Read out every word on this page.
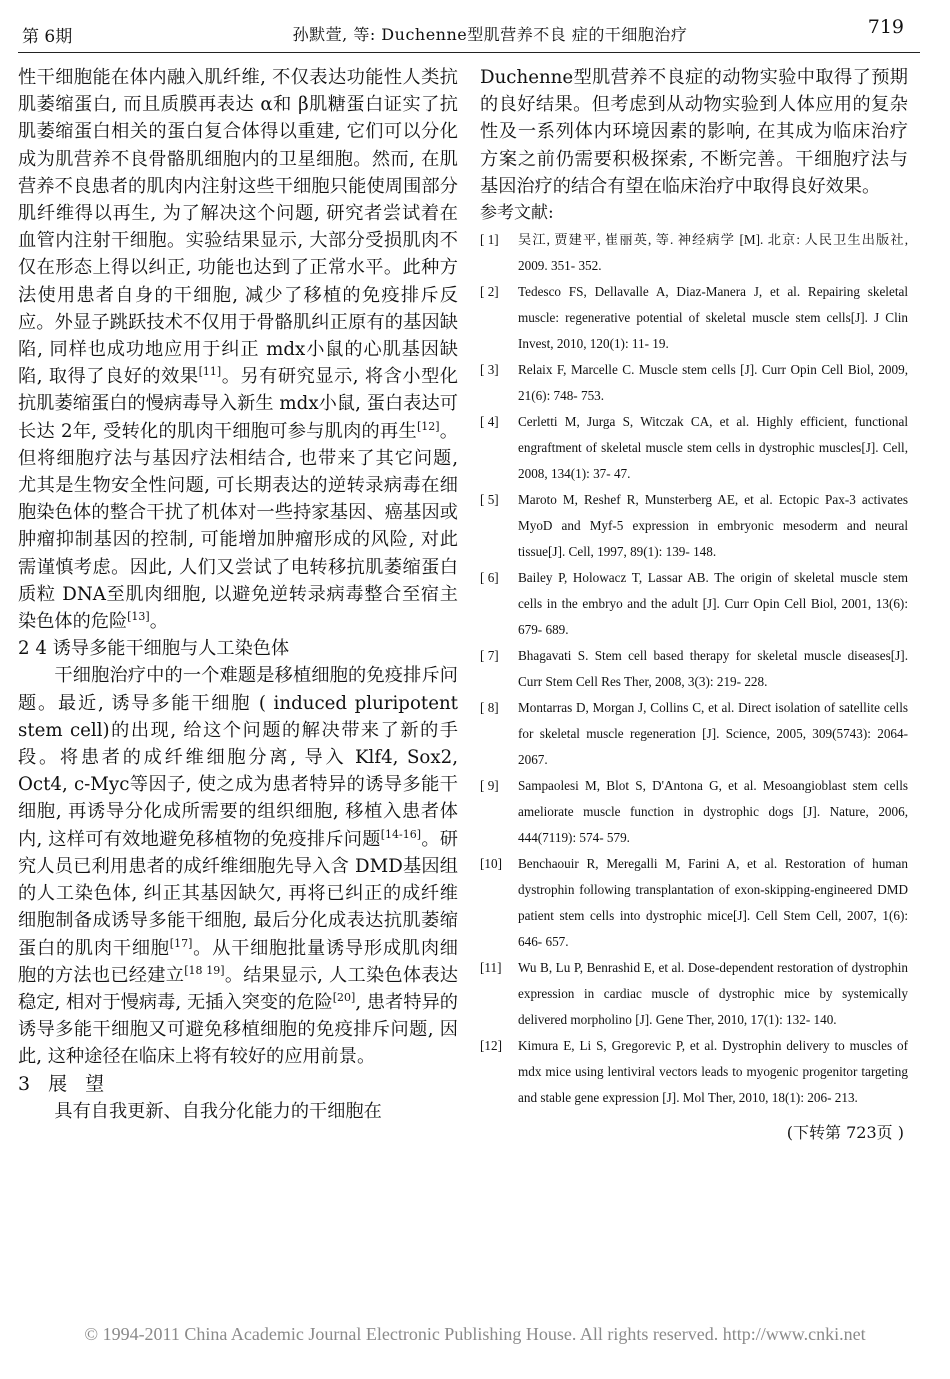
第 6期	孙默萱, 等: Duchenne型肌营养不良 症的干细胞治疗	719

性干细胞能在体内融入肌纤维, 不仅表达功能性人类抗肌萎缩蛋白, 而且质膜再表达 α和 β肌糖蛋白证实了抗肌萎缩蛋白相关的蛋白复合体得以重建, 它们可以分化成为肌营养不良骨骼肌细胞内的卫星细胞。然而, 在肌营养不良患者的肌肉内注射这些干细胞只能使周围部分肌纤维得以再生, 为了解决这个问题, 研究者尝试着在血管内注射干细胞。实验结果显示, 大部分受损肌肉不仅在形态上得以纠正, 功能也达到了正常水平。此种方法使用患者自身的干细胞, 减少了移植的免疫排斥反应。外显子跳跃技术不仅用于骨骼肌纠正原有的基因缺陷, 同样也成功地应用于纠正 mdx小鼠的心肌基因缺陷, 取得了良好的效果[11]。另有研究显示, 将含小型化抗肌萎缩蛋白的慢病毒导入新生 mdx小鼠, 蛋白表达可长达 2年, 受转化的肌肉干细胞可参与肌肉的再生[12]。但将细胞疗法与基因疗法相结合, 也带来了其它问题, 尤其是生物安全性问题, 可长期表达的逆转录病毒在细胞染色体的整合干扰了机体对一些持家基因、癌基因或肿瘤抑制基因的控制, 可能增加肿瘤形成的风险, 对此需谨慎考虑。因此, 人们又尝试了电转移抗肌萎缩蛋白质粒 DNA至肌肉细胞, 以避免逆转录病毒整合至宿主染色体的危险[13]。

2 4 诱导多能干细胞与人工染色体

干细胞治疗中的一个难题是移植细胞的免疫排斥问题。最近, 诱导多能干细胞 ( induced pluripotent stem cell)的出现, 给这个问题的解决带来了新的手段。将患者的成纤维细胞分离, 导入 Klf4, Sox2, Oct4, c-Myc等因子, 使之成为患者特异的诱导多能干细胞, 再诱导分化成所需要的组织细胞, 移植入患者体内, 这样可有效地避免移植物的免疫排斥问题[14-16]。研究人员已利用患者的成纤维细胞先导入含 DMD基因组的人工染色体, 纠正其基因缺欠, 再将已纠正的成纤维细胞制备成诱导多能干细胞, 最后分化成表达抗肌萎缩蛋白的肌肉干细胞[17]。从干细胞批量诱导形成肌肉细胞的方法也已经建立[18 19]。结果显示, 人工染色体表达稳定, 相对于慢病毒, 无插入突变的危险[20], 患者特异的诱导多能干细胞又可避免移植细胞的免疫排斥问题, 因此, 这种途径在临床上将有较好的应用前景。

3 展 望

具有自我更新、自我分化能力的干细胞在

Duchenne型肌营养不良症的动物实验中取得了预期的良好结果。但考虑到从动物实验到人体应用的复杂性及一系列体内环境因素的影响, 在其成为临床治疗方案之前仍需要积极探索, 不断完善。干细胞疗法与基因治疗的结合有望在临床治疗中取得良好效果。

参考文献:

[ 1]	吴江, 贾建平, 崔丽英, 等. 神经病学 [M]. 北京: 人民卫生出版社, 2009. 351- 352.
[ 2]	Tedesco FS, Dellavalle A, Diaz-Manera J, et al. Repairing skeletal muscle: regenerative potential of skeletal muscle stem cells[J]. J Clin Invest, 2010, 120(1): 11- 19.
[ 3]	Relaix F, Marcelle C. Muscle stem cells [J]. Curr Opin Cell Biol, 2009, 21(6): 748- 753.
[ 4]	Cerletti M, Jurga S, Witczak CA, et al. Highly efficient, functional engraftment of skeletal muscle stem cells in dystrophic muscles[J]. Cell, 2008, 134(1): 37- 47.
[ 5]	Maroto M, Reshef R, Munsterberg AE, et al. Ectopic Pax-3 activates MyoD and Myf-5 expression in embryonic mesoderm and neural tissue[J]. Cell, 1997, 89(1): 139- 148.
[ 6]	Bailey P, Holowacz T, Lassar AB. The origin of skeletal muscle stem cells in the embryo and the adult [J]. Curr Opin Cell Biol, 2001, 13(6): 679- 689.
[ 7]	Bhagavati S. Stem cell based therapy for skeletal muscle diseases[J]. Curr Stem Cell Res Ther, 2008, 3(3): 219- 228.
[ 8]	Montarras D, Morgan J, Collins C, et al. Direct isolation of satellite cells for skeletal muscle regeneration [J]. Science, 2005, 309(5743): 2064- 2067.
[ 9]	Sampaolesi M, Blot S, D'Antona G, et al. Mesoangioblast stem cells ameliorate muscle function in dystrophic dogs [J]. Nature, 2006, 444(7119): 574- 579.
[10]	Benchaouir R, Meregalli M, Farini A, et al. Restoration of human dystrophin following transplantation of exon-skipping-engineered DMD patient stem cells into dystrophic mice[J]. Cell Stem Cell, 2007, 1(6): 646- 657.
[11]	Wu B, Lu P, Benrashid E, et al. Dose-dependent restoration of dystrophin expression in cardiac muscle of dystrophic mice by systemically delivered morpholino [J]. Gene Ther, 2010, 17(1): 132- 140.
[12]	Kimura E, Li S, Gregorevic P, et al. Dystrophin delivery to muscles of mdx mice using lentiviral vectors leads to myogenic progenitor targeting and stable gene expression [J]. Mol Ther, 2010, 18(1): 206- 213.
(下转第 723页 )
© 1994-2011 China Academic Journal Electronic Publishing House. All rights reserved. http://www.cnki.net
